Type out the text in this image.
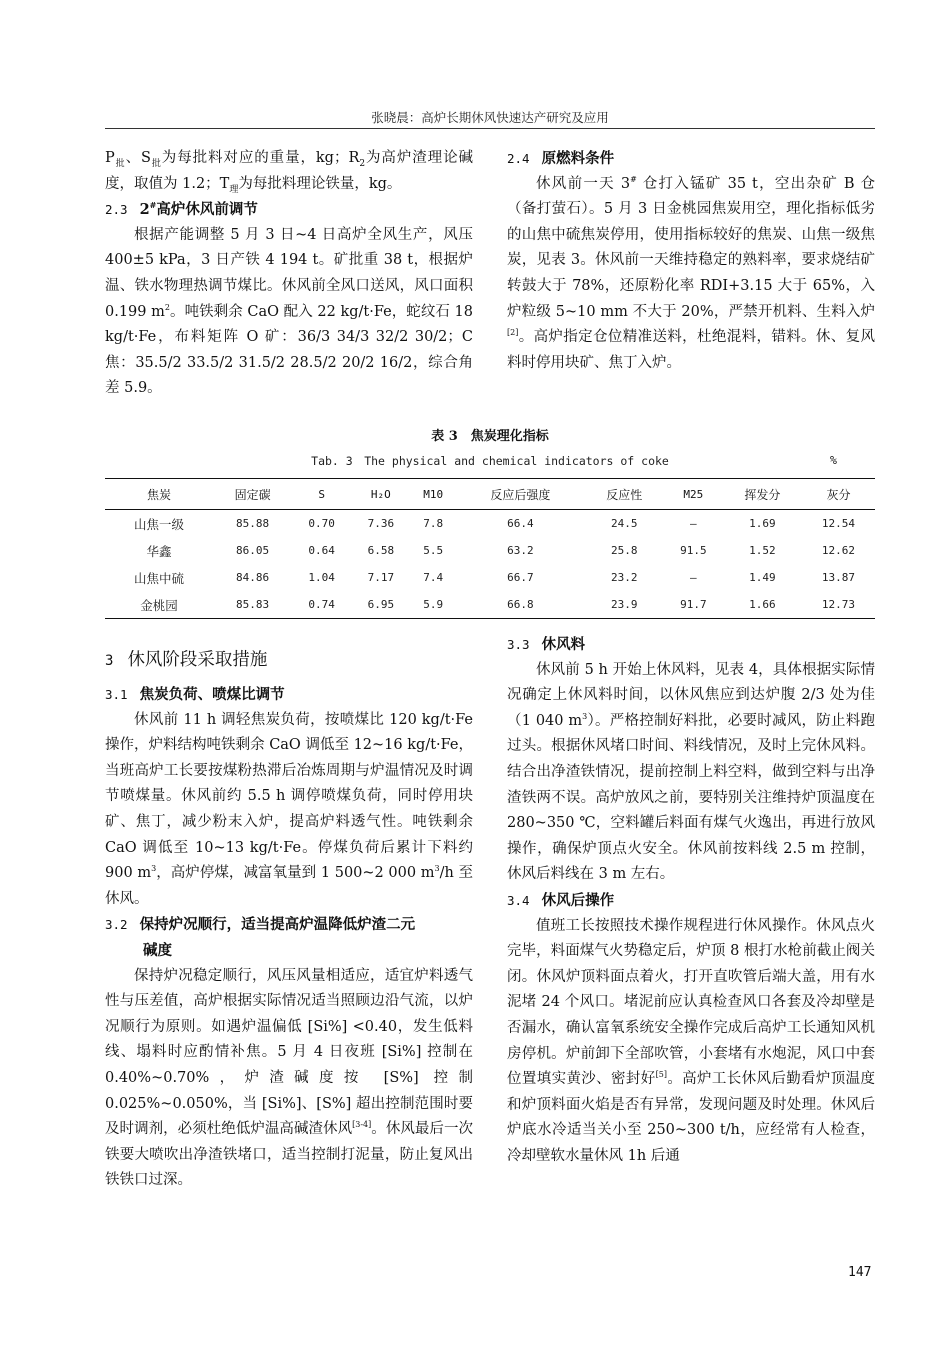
张晓晨：高炉长期休风快速达产研究及应用

$P_批$、$S_批$为每批料对应的重量，kg；$R_2$为高炉渣理论碱度，取值为 1.2；$T_理$为每批料理论铁量，kg。

2.3 2#高炉休风前调节

根据产能调整 5 月 3 日~4 日高炉全风生产，风压 400±5 kPa，3 日产铁 4 194 t。矿批重 38 t，根据炉温、铁水物理热调节煤比。休风前全风口送风，风口面积 0.199 $m^2$。吨铁剩余 CaO 配入 22 kg/t·Fe，蛇纹石 18 kg/t·Fe，布料矩阵 O 矿：36/3 34/3 32/2 30/2；C 焦：35.5/2 33.5/2 31.5/2 28.5/2 20/2 16/2，综合角差 5.9。

2.4 原燃料条件

休风前一天 3# 仓打入锰矿 35 t，空出杂矿 B 仓（备打萤石）。5 月 3 日金桃园焦炭用空，理化指标低劣的山焦中硫焦炭停用，使用指标较好的焦炭、山焦一级焦炭，见表 3。休风前一天维持稳定的熟料率，要求烧结矿转鼓大于 78%，还原粉化率 RDI+3.15 大于 65%，入炉粒级 5~10 mm 不大于 20%，严禁开机料、生料入炉[2]。高炉指定仓位精准送料，杜绝混料，错料。休、复风料时停用块矿、焦丁入炉。

表 3　焦炭理化指标
Tab. 3　The physical and chemical indicators of coke	%
焦炭	固定碳	S	H₂O	M10	反应后强度	反应性	M25	挥发分	灰分
山焦一级	85.88	0.70	7.36	7.8	66.4	24.5	–	1.69	12.54
华鑫	86.05	0.64	6.58	5.5	63.2	25.8	91.5	1.52	12.62
山焦中硫	84.86	1.04	7.17	7.4	66.7	23.2	–	1.49	13.87
金桃园	85.83	0.74	6.95	5.9	66.8	23.9	91.7	1.66	12.73
3 休风阶段采取措施
3.1 焦炭负荷、喷煤比调节

休风前 11 h 调轻焦炭负荷，按喷煤比 120 kg/t·Fe 操作，炉料结构吨铁剩余 CaO 调低至 12~16 kg/t·Fe，当班高炉工长要按煤粉热滞后冶炼周期与炉温情况及时调节喷煤量。休风前约 5.5 h 调停喷煤负荷，同时停用块矿、焦丁，减少粉末入炉，提高炉料透气性。吨铁剩余 CaO 调低至 10~13 kg/t·Fe。停煤负荷后累计下料约 900 $m^3$，高炉停煤，减富氧量到 1 500~2 000 $m^3/h$ 至休风。

3.2 保持炉况顺行，适当提高炉温降低炉渣二元
碱度

保持炉况稳定顺行，风压风量相适应，适宜炉料透气性与压差值，高炉根据实际情况适当照顾边沿气流，以炉况顺行为原则。如遇炉温偏低 [Si%] <0.40，发生低料线、塌料时应酌情补焦。5 月 4 日夜班 [Si%] 控制在 0.40%~0.70%，炉渣碱度按 [S%] 控制 0.025%~0.050%，当 [Si%]、[S%] 超出控制范围时要及时调剂，必须杜绝低炉温高碱渣休风[3-4]。休风最后一次铁要大喷吹出净渣铁堵口，适当控制打泥量，防止复风出铁铁口过深。

3.3 休风料

休风前 5 h 开始上休风料，见表 4，具体根据实际情况确定上休风料时间，以休风焦应到达炉腹 2/3 处为佳（1 040 $m^3$）。严格控制好料批，必要时减风，防止料跑过头。根据休风堵口时间、料线情况，及时上完休风料。结合出净渣铁情况，提前控制上料空料，做到空料与出净渣铁两不误。高炉放风之前，要特别关注维持炉顶温度在 280~350 ℃，空料罐后料面有煤气火逸出，再进行放风操作，确保炉顶点火安全。休风前按料线 2.5 m 控制，休风后料线在 3 m 左右。

3.4 休风后操作

值班工长按照技术操作规程进行休风操作。休风点火完毕，料面煤气火势稳定后，炉顶 8 根打水枪前截止阀关闭。休风炉顶料面点着火，打开直吹管后端大盖，用有水泥堵 24 个风口。堵泥前应认真检查风口各套及冷却壁是否漏水，确认富氧系统安全操作完成后高炉工长通知风机房停机。炉前卸下全部吹管，小套堵有水炮泥，风口中套位置填实黄沙、密封好[5]。高炉工长休风后勤看炉顶温度和炉顶料面火焰是否有异常，发现问题及时处理。休风后炉底水冷适当关小至 250~300 t/h，应经常有人检查，冷却壁软水量休风 1h 后通

147
